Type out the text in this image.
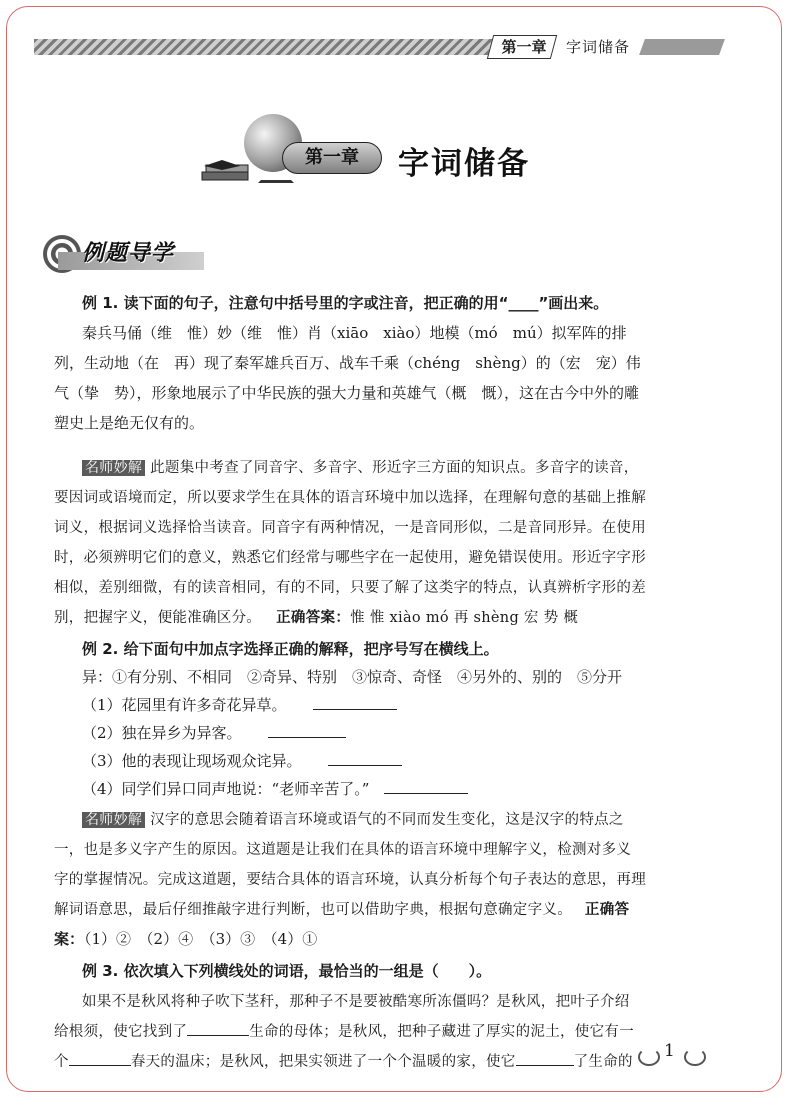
第一章	字词储备
第一章	字词储备
例题导学
例 1. 读下面的句子，注意句中括号里的字或注音，把正确的用“____”画出来。
秦兵马俑（维　惟）妙（维　惟）肖（xiāo　xiào）地模（mó　mú）拟军阵的排
列，生动地（在　再）现了秦军雄兵百万、战车千乘（chéng　shèng）的（宏　宠）伟
气（挚　势），形象地展示了中华民族的强大力量和英雄气（概　慨），这在古今中外的雕
塑史上是绝无仅有的。
名师妙解 此题集中考查了同音字、多音字、形近字三方面的知识点。多音字的读音，
要因词或语境而定，所以要求学生在具体的语言环境中加以选择，在理解句意的基础上推解
词义，根据词义选择恰当读音。同音字有两种情况，一是音同形似，二是音同形异。在使用
时，必须辨明它们的意义，熟悉它们经常与哪些字在一起使用，避免错误使用。形近字字形
相似，差别细微，有的读音相同，有的不同，只要了解了这类字的特点，认真辨析字形的差
别，把握字义，便能准确区分。 正确答案：惟 惟 xiào mó 再 shèng 宏 势 概
例 2. 给下面句中加点字选择正确的解释，把序号写在横线上。
异：①有分别、不相同　②奇异、特别　③惊奇、奇怪　④另外的、别的　⑤分开
（1）花园里有许多奇花异草。
（2）独在异乡为异客。
（3）他的表现让现场观众诧异。
（4）同学们异口同声地说：“老师辛苦了。”
名师妙解 汉字的意思会随着语言环境或语气的不同而发生变化，这是汉字的特点之
一，也是多义字产生的原因。这道题是让我们在具体的语言环境中理解字义，检测对多义
字的掌握情况。完成这道题，要结合具体的语言环境，认真分析每个句子表达的意思，再理
解词语意思，最后仔细推敲字进行判断，也可以借助字典，根据句意确定字义。 正确答
案：（1）②　（2）④　（3）③　（4）①
例 3. 依次填入下列横线处的词语，最恰当的一组是（　　）。
如果不是秋风将种子吹下茎秆，那种子不是要被酷寒所冻僵吗？是秋风，把叶子介绍
给根须，使它找到了	生命的母体；是秋风，把种子藏进了厚实的泥土，使它有一
个	春天的温床；是秋风，把果实领进了一个个温暖的家，使它	了生命的
1
